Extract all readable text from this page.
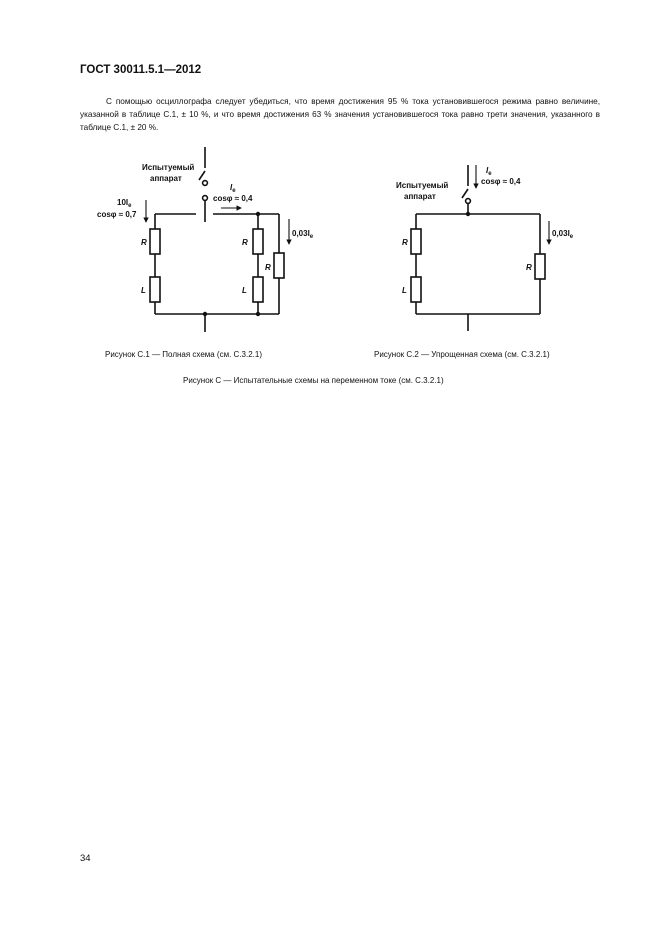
ГОСТ 30011.5.1—2012

С помощью осциллографа следует убедиться, что время достижения 95 % тока установившегося режима равно величине, указанной в таблице С.1, ± 10 %, и что время достижения 63 % значения установившегося тока равно трети значения, указанного в таблице С.1, ± 20 %.

Испытуемый
аппарат
$I_e$
cosφ ≈ 0,4
$10I_e$
cosφ ≈ 0,7
$0,03I_e$
R
L
R
L
R
Испытуемый
аппарат
$I_e$
cosφ ≈ 0,4
$0,03I_e$
R
L
R
Рисунок С.1 — Полная схема (см. С.3.2.1)	Рисунок С.2 — Упрощенная схема (см. С.3.2.1)
Рисунок С — Испытательные схемы на переменном токе (см. С.3.2.1)
34
